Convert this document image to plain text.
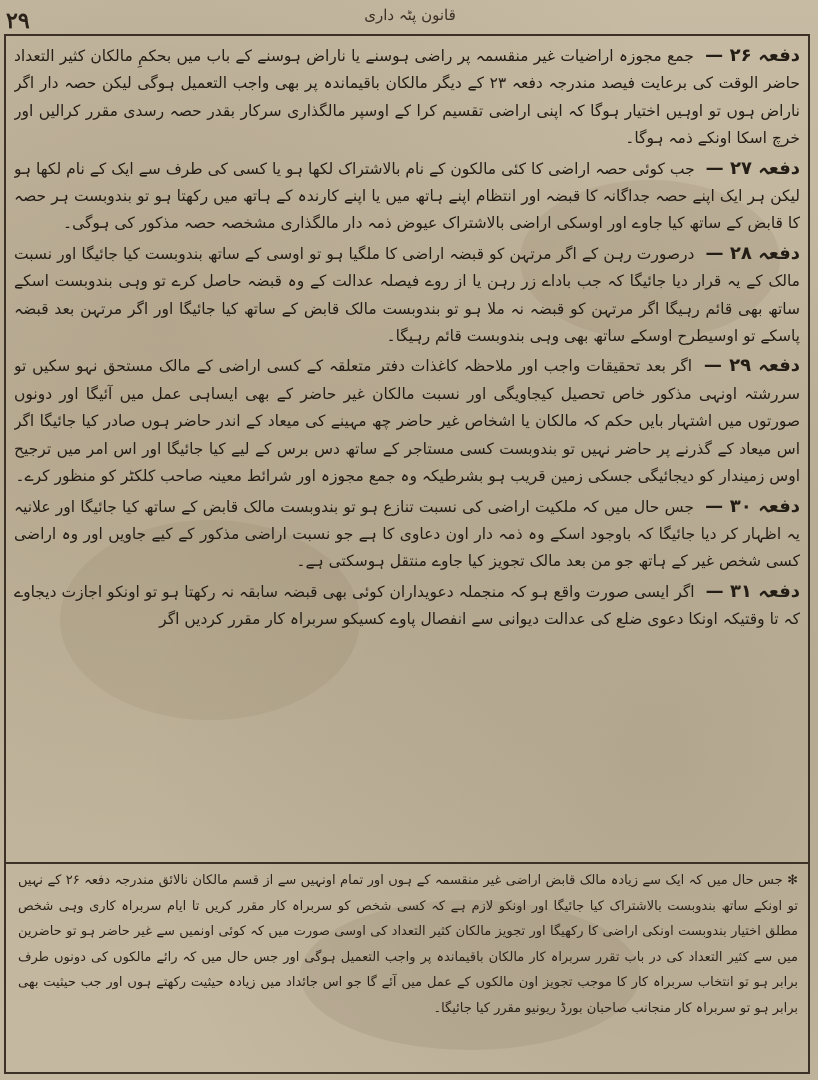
۲۹	قانون پٹہ داری

دفعہ ۲۶ — جمع مجوزہ اراضیات غیر منقسمہ پر راضی ہوسنے یا ناراض ہوسنے کے باب میں بحکمِ مالکان کثیر التعداد حاضر الوقت کی برعایت فیصد مندرجہ دفعہ ۲۳ کے دیگر مالکان باقیماندہ پر بھی واجب التعمیل ہوگی لیکن حصہ دار اگر ناراض ہوں تو اوہیں اختیار ہوگا کہ اپنی اراضی تقسیم کرا کے اوسپر مالگذاری سرکار بقدر حصہ رسدی مقرر کرالیں اور خرچ اسکا اونکے ذمہ ہوگا۔

دفعہ ۲۷ — جب کوئی حصہ اراضی کا کئی مالکون کے نام بالاشتراک لکھا ہو یا کسی کی طرف سے ایک کے نام لکھا ہو لیکن ہر ایک اپنے حصہ جداگانہ کا قبضہ اور انتظام اپنے ہاتھ میں یا اپنے کارندہ کے ہاتھ میں رکھتا ہو تو بندوبست ہر حصہ کا قابض کے ساتھ کیا جاوے اور اوسکی اراضی بالاشتراک عیوض ذمہ دار مالگذاری مشخصہ حصہ مذکور کی ہوگی۔

دفعہ ۲۸ — درصورت رہن کے اگر مرتہن کو قبضہ اراضی کا ملگیا ہو تو اوسی کے ساتھ بندوبست کیا جائیگا اور نسبت مالک کے یہ قرار دیا جائیگا کہ جب باداے زر رہن یا از روے فیصلہ عدالت کے وہ قبضہ حاصل کرے تو وہی بندوبست اسکے ساتھ بھی قائم رہیگا اگر مرتہن کو قبضہ نہ ملا ہو تو بندوبست مالک قابض کے ساتھ کیا جائیگا اور اگر مرتہن بعد قبضہ پاسکے تو اوسیطرح اوسکے ساتھ بھی وہی بندوبست قائم رہیگا۔

دفعہ ۲۹ — اگر بعد تحقیقات واجب اور ملاحظہ کاغذات دفتر متعلقہ کے کسی اراضی کے مالک مستحق نہو سکیں تو سررشتہ اونہی مذکور خاص تحصیل کیجاویگی اور نسبت مالکان غیر حاضر کے بھی ایساہی عمل میں آئیگا اور دونوں صورتوں میں اشتہار بایں حکم کہ مالکان یا اشخاص غیر حاضر چھ مہینے کی میعاد کے اندر حاضر ہوں صادر کیا جائیگا اگر اس میعاد کے گذرنے پر حاضر نہیں تو بندوبست کسی مستاجر کے ساتھ دس برس کے لیے کیا جائیگا اور اس امر میں ترجیح اوس زمیندار کو دیجائیگی جسکی زمین قریب ہو بشرطیکہ وہ جمع مجوزہ اور شرائط معینہ صاحب کلکٹر کو منظور کرے۔

دفعہ ۳۰ — جس حال میں کہ ملکیت اراضی کی نسبت تنازع ہو تو بندوبست مالک قابض کے ساتھ کیا جائیگا اور علانیہ یہ اظہار کر دیا جائیگا کہ باوجود اسکے وہ ذمہ دار اون دعاوی کا ہے جو نسبت اراضی مذکور کے کیے جاویں اور وہ اراضی کسی شخص غیر کے ہاتھ جو من بعد مالک تجویز کیا جاوے منتقل ہوسکتی ہے۔

دفعہ ۳۱ — اگر ایسی صورت واقع ہو کہ منجملہ دعویداران کوئی بھی قبضہ سابقہ نہ رکھتا ہو تو اونکو اجازت دیجاوے کہ تا وقتیکہ اونکا دعوی ضلع کی عدالت دیوانی سے انفصال پاوے کسیکو سربراہ کار مقرر کردیں اگر

✻ جس حال میں کہ ایک سے زیادہ مالک قابض اراضی غیر منقسمہ کے ہوں اور تمام اونہیں سے از قسم مالکان نالائق مندرجہ دفعہ ۲۶ کے نہیں تو اونکے ساتھ بندوبست بالاشتراک کیا جائیگا اور اونکو لازم ہے کہ کسی شخص کو سربراہ کار مقرر کریں تا ایام سربراہ کاری وہی شخص مطلق اختیار بندوبست اونکی اراضی کا رکھیگا اور تجویز مالکان کثیر التعداد کی اوسی صورت میں کہ کوئی اونمیں سے غیر حاضر ہو تو حاضرین میں سے کثیر التعداد کی در باب تقرر سربراہ کار مالکان باقیماندہ پر واجب التعمیل ہوگی اور جس حال میں کہ رائے مالکوں کی دونوں طرف برابر ہو تو انتخاب سربراہ کار کا موجب تجویز اون مالکوں کے عمل میں آئے گا جو اس جائداد میں زیادہ حیثیت رکھتے ہوں اور جب حیثیت بھی برابر ہو تو سربراہ کار منجانب صاحبان بورڈ ریونیو مقرر کیا جائیگا۔
